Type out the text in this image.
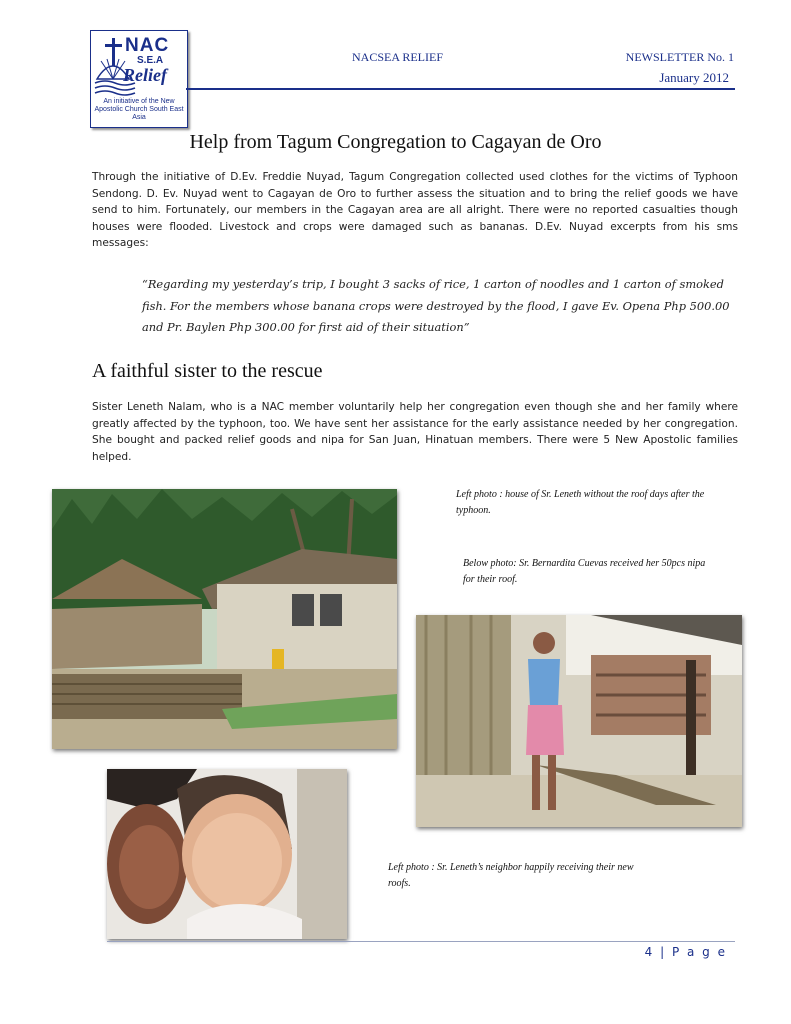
NAC
S.E.A
Relief
An initiative of the New Apostolic Church South East Asia
NACSEA RELIEF	NEWSLETTER No. 1
January 2012
Help from Tagum Congregation to Cagayan de Oro

Through the initiative of D.Ev. Freddie Nuyad, Tagum Congregation collected used clothes for the victims of Typhoon Sendong. D. Ev. Nuyad went to Cagayan de Oro to further assess the situation and to bring the relief goods we have send to him. Fortunately, our members in the Cagayan area are all alright. There were no reported casualties though houses were flooded. Livestock and crops were damaged such as bananas. D.Ev. Nuyad excerpts from his sms messages:

“Regarding my yesterday’s trip, I bought 3 sacks of rice, 1 carton of noodles and 1 carton of smoked fish. For the members whose banana crops were destroyed by the flood, I gave Ev. Opena Php 500.00 and Pr. Baylen Php 300.00 for first aid of their situation”

A faithful sister to the rescue

Sister Leneth Nalam, who is a NAC member voluntarily help her congregation even though she and her family where greatly affected by the typhoon, too. We have sent her assistance for the early assistance needed by her congregation. She bought and packed relief goods and nipa for San Juan, Hinatuan members. There were 5 New Apostolic families helped.

Left photo : house of Sr. Leneth without the roof days after the typhoon.

Below photo: Sr. Bernardita Cuevas received her 50pcs nipa for their roof.

Left photo : Sr. Leneth’s neighbor happily receiving their new roofs.

4 | P a g e
